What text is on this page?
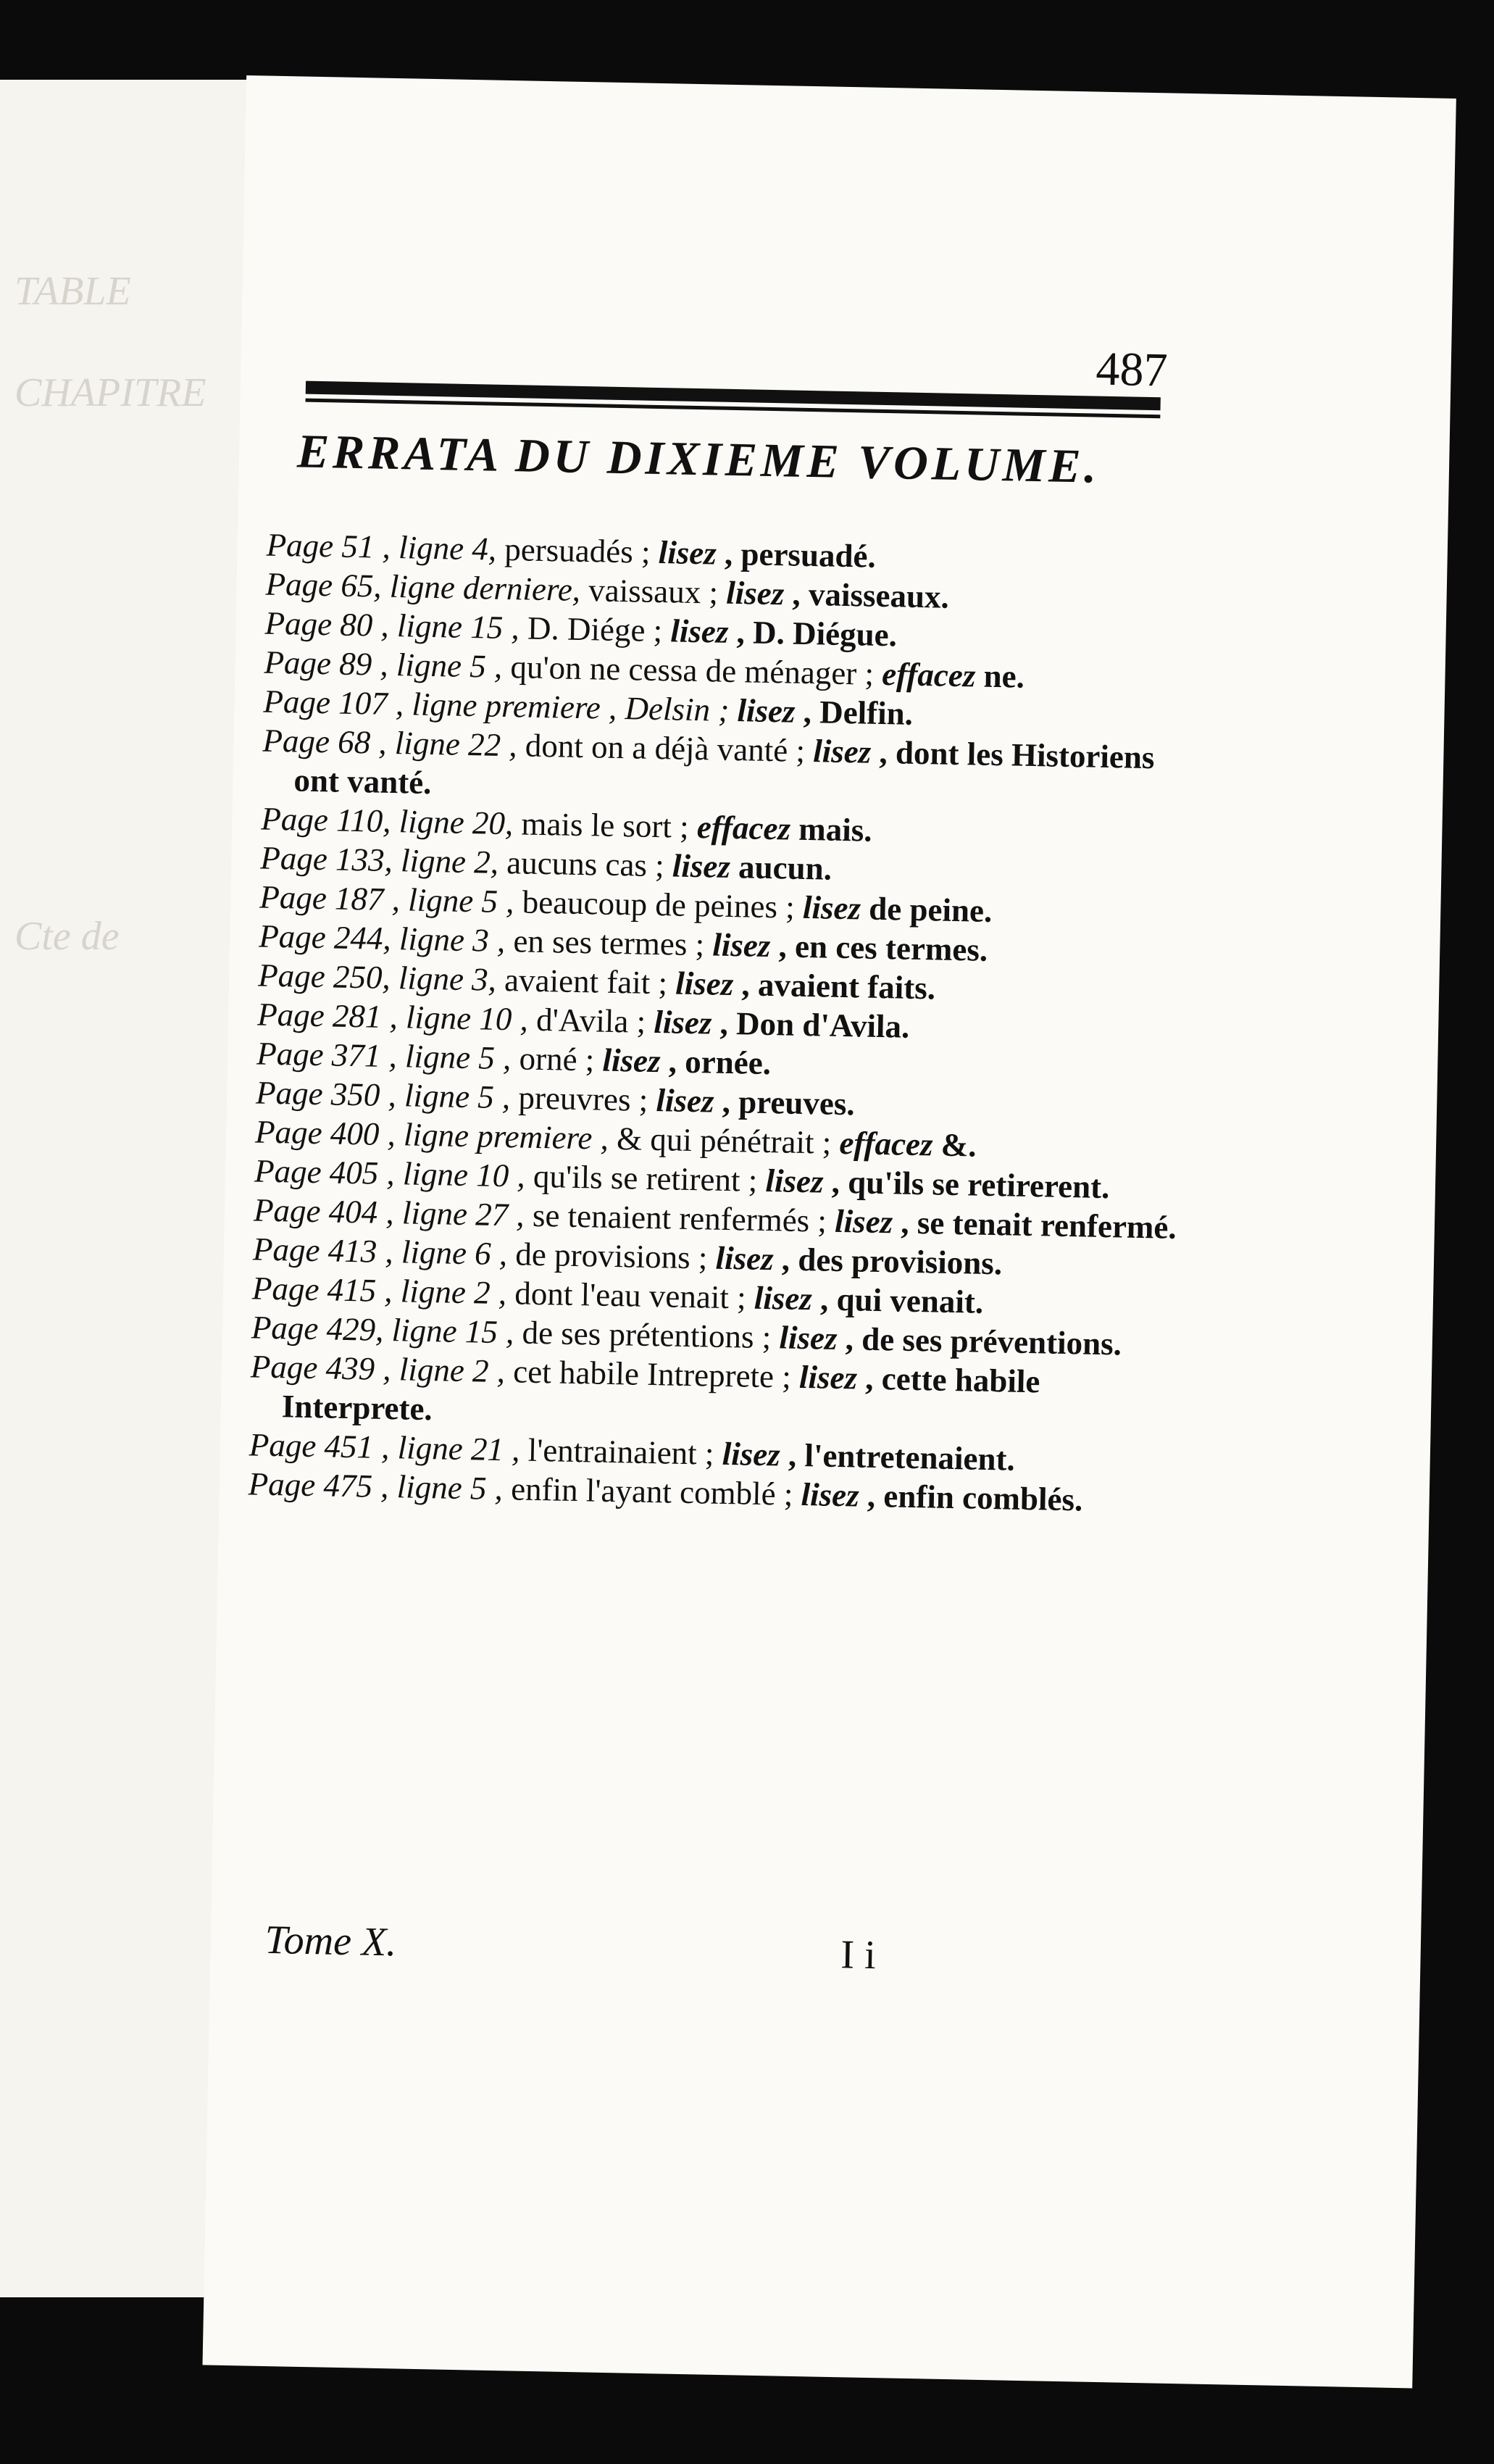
TABLE
CHAPITRE
Cte de
487
ERRATA DU DIXIEME VOLUME.
Page 51 , ligne 4, persuadés ; lisez , persuadé.
Page 65, ligne derniere, vaissaux ; lisez , vaisseaux.
Page 80 , ligne 15 , D. Diége ; lisez , D. Diégue.
Page 89 , ligne 5 , qu'on ne cessa de ménager ; effacez ne.
Page 107 , ligne premiere , Delsin ; lisez , Delfin.
Page 68 , ligne 22 , dont on a déjà vanté ; lisez , dont les Historiens ont vanté.
Page 110, ligne 20, mais le sort ; effacez mais.
Page 133, ligne 2, aucuns cas ; lisez aucun.
Page 187 , ligne 5 , beaucoup de peines ; lisez de peine.
Page 244, ligne 3 , en ses termes ; lisez , en ces termes.
Page 250, ligne 3, avaient fait ; lisez , avaient faits.
Page 281 , ligne 10 , d'Avila ; lisez , Don d'Avila.
Page 371 , ligne 5 , orné ; lisez , ornée.
Page 350 , ligne 5 , preuvres ; lisez , preuves.
Page 400 , ligne premiere , & qui pénétrait ; effacez &.
Page 405 , ligne 10 , qu'ils se retirent ; lisez , qu'ils se retirerent.
Page 404 , ligne 27 , se tenaient renfermés ; lisez , se tenait renfermé.
Page 413 , ligne 6 , de provisions ; lisez , des provisions.
Page 415 , ligne 2 , dont l'eau venait ; lisez , qui venait.
Page 429, ligne 15 , de ses prétentions ; lisez , de ses préventions.
Page 439 , ligne 2 , cet habile Intreprete ; lisez , cette habile Interprete.
Page 451 , ligne 21 , l'entrainaient ; lisez , l'entretenaient.
Page 475 , ligne 5 , enfin l'ayant comblé ; lisez , enfin comblés.
Tome X.	I i
